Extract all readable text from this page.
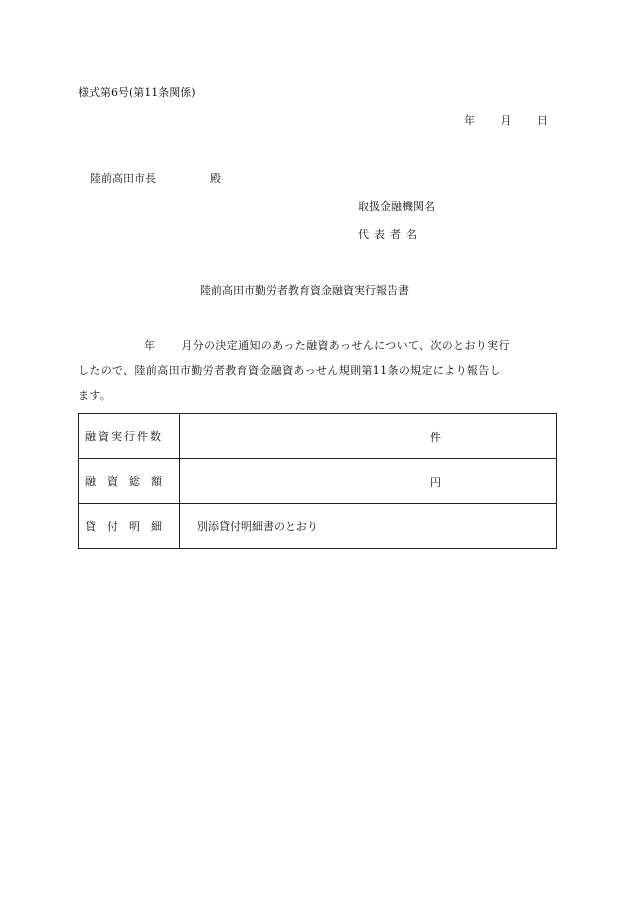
様式第6号(第11条関係)
年 月 日
陸前高田市長	殿
取扱金融機関名
代表者名
陸前高田市勤労者教育資金融資実行報告書
年 月分の決定通知のあった融資あっせんについて、次のとおり実行
したので、陸前高田市勤労者教育資金融資あっせん規則第11条の規定により報告し
ます。
融資実行件数	件

融資総額	円

貸付明細	別添貸付明細書のとおり
